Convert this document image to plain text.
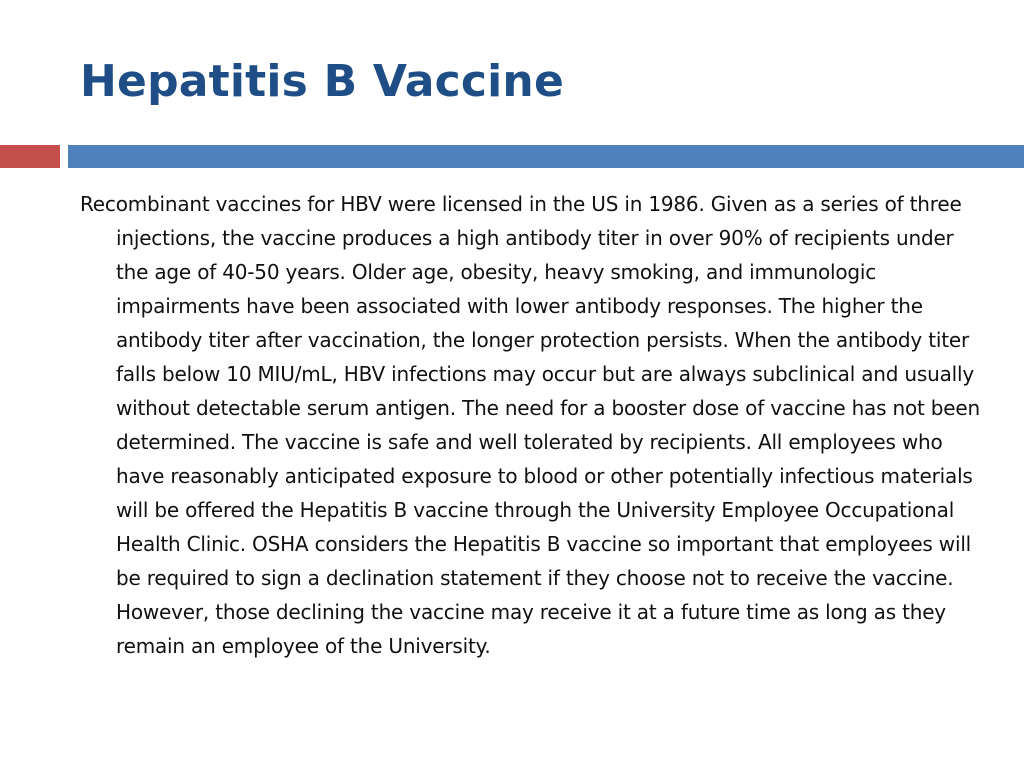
Hepatitis B Vaccine

Recombinant vaccines for HBV were licensed in the US in 1986. Given as a series of three injections, the vaccine produces a high antibody titer in over 90% of recipients under the age of 40-50 years. Older age, obesity, heavy smoking, and immunologic impairments have been associated with lower antibody responses. The higher the antibody titer after vaccination, the longer protection persists. When the antibody titer falls below 10 MIU/mL, HBV infections may occur but are always subclinical and usually without detectable serum antigen. The need for a booster dose of vaccine has not been determined. The vaccine is safe and well tolerated by recipients. All employees who have reasonably anticipated exposure to blood or other potentially infectious materials will be offered the Hepatitis B vaccine through the University Employee Occupational Health Clinic. OSHA considers the Hepatitis B vaccine so important that employees will be required to sign a declination statement if they choose not to receive the vaccine. However, those declining the vaccine may receive it at a future time as long as they remain an employee of the University.
